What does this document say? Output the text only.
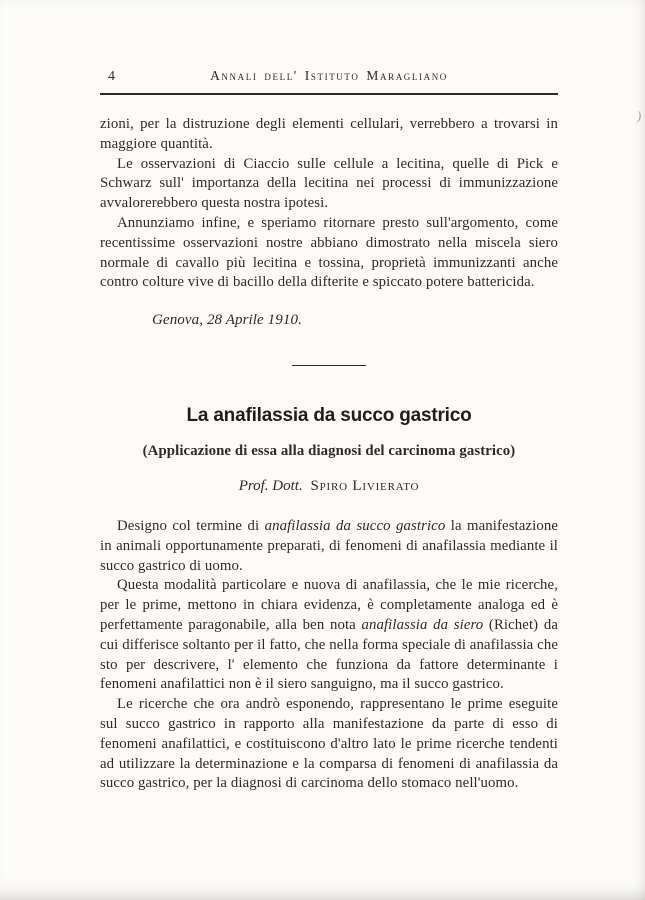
4	Annali dell' Istituto Maragliano

zioni, per la distruzione degli elementi cellulari, verrebbero a trovarsi in maggiore quantità.

Le osservazioni di Ciaccio sulle cellule a lecitina, quelle di Pick e Schwarz sull' importanza della lecitina nei processi di immunizzazione avvalorerebbero questa nostra ipotesi.

Annunziamo infine, e speriamo ritornare presto sull'argomento, come recentissime osservazioni nostre abbiano dimostrato nella miscela siero normale di cavallo più lecitina e tossina, proprietà immunizzanti anche contro colture vive di bacillo della difterite e spiccato potere battericida.

Genova, 28 Aprile 1910.

La anafilassia da succo gastrico
(Applicazione di essa alla diagnosi del carcinoma gastrico)
Prof. Dott. Spiro Livierato

Designo col termine di anafilassia da succo gastrico la manifestazione in animali opportunamente preparati, di fenomeni di anafilassia mediante il succo gastrico di uomo.

Questa modalità particolare e nuova di anafilassia, che le mie ricerche, per le prime, mettono in chiara evidenza, è completamente analoga ed è perfettamente paragonabile, alla ben nota anafilassia da siero (Richet) da cui differisce soltanto per il fatto, che nella forma speciale di anafilassia che sto per descrivere, l' elemento che funziona da fattore determinante i fenomeni anafilattici non è il siero sanguigno, ma il succo gastrico.

Le ricerche che ora andrò esponendo, rappresentano le prime eseguite sul succo gastrico in rapporto alla manifestazione da parte di esso di fenomeni anafilattici, e costituiscono d'altro lato le prime ricerche tendenti ad utilizzare la determinazione e la comparsa di fenomeni di anafilassia da succo gastrico, per la diagnosi di carcinoma dello stomaco nell'uomo.

)
